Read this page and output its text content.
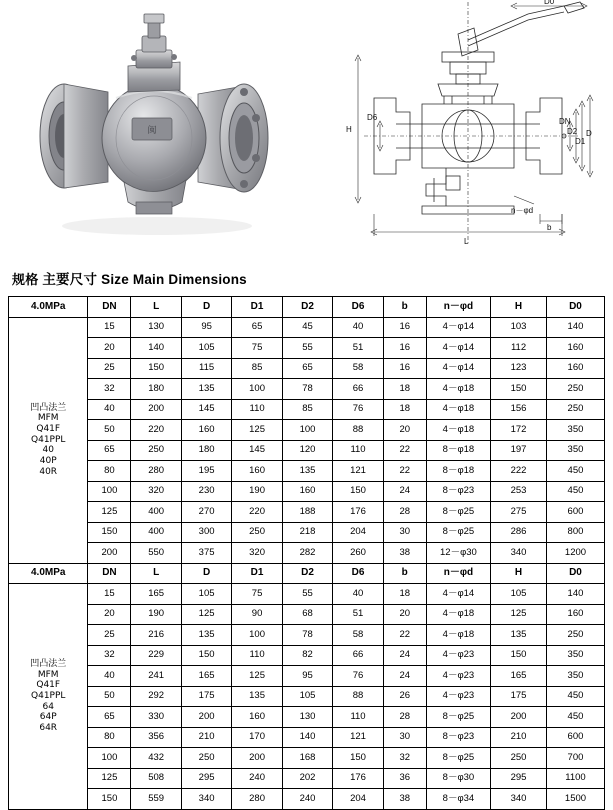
闽
D0
H
D6
L
b
DN
D2
D1
D
n－φd
规格 主要尺寸 Size Main Dimensions
4.0MPa	DN	L	D	D1	D2	D6	b	n－φd	H	D0
凹凸法兰
MFM
Q41F
Q41PPL
40
40P
40R	15	130	95	65	45	40	16	4－φ14	103	140
	20	140	105	75	55	51	16	4－φ14	112	160
	25	150	115	85	65	58	16	4－φ14	123	160
	32	180	135	100	78	66	18	4－φ18	150	250
	40	200	145	110	85	76	18	4－φ18	156	250
	50	220	160	125	100	88	20	4－φ18	172	350
	65	250	180	145	120	110	22	8－φ18	197	350
	80	280	195	160	135	121	22	8－φ18	222	450
	100	320	230	190	160	150	24	8－φ23	253	450
	125	400	270	220	188	176	28	8－φ25	275	600
	150	400	300	250	218	204	30	8－φ25	286	800
	200	550	375	320	282	260	38	12－φ30	340	1200
4.0MPa	DN	L	D	D1	D2	D6	b	n－φd	H	D0
凹凸法兰
MFM
Q41F
Q41PPL
64
64P
64R	15	165	105	75	55	40	18	4－φ14	105	140
	20	190	125	90	68	51	20	4－φ18	125	160
	25	216	135	100	78	58	22	4－φ18	135	250
	32	229	150	110	82	66	24	4－φ23	150	350
	40	241	165	125	95	76	24	4－φ23	165	350
	50	292	175	135	105	88	26	4－φ23	175	450
	65	330	200	160	130	110	28	8－φ25	200	450
	80	356	210	170	140	121	30	8－φ23	210	600
	100	432	250	200	168	150	32	8－φ25	250	700
	125	508	295	240	202	176	36	8－φ30	295	1100
	150	559	340	280	240	204	38	8－φ34	340	1500
